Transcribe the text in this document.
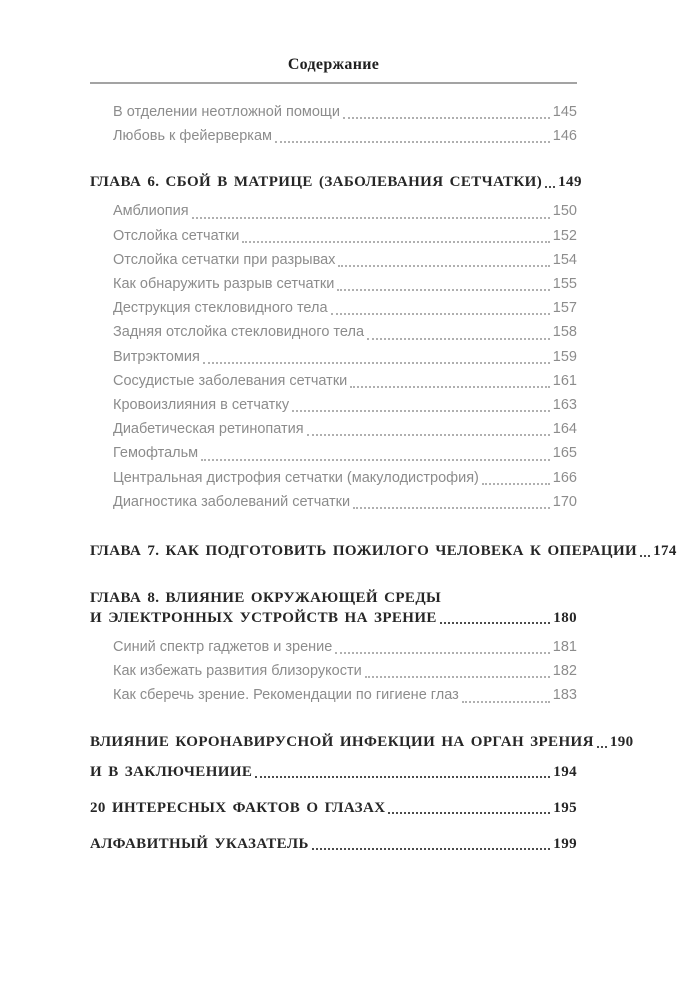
Содержание
В отделении неотложной помощи	145
Любовь к фейерверкам	146
ГЛАВА 6. СБОЙ В МАТРИЦЕ (ЗАБОЛЕВАНИЯ СЕТЧАТКИ) 149
Амблиопия	150
Отслойка сетчатки	152
Отслойка сетчатки при разрывах	154
Как обнаружить разрыв сетчатки	155
Деструкция стекловидного тела	157
Задняя отслойка стекловидного тела	158
Витрэктомия	159
Сосудистые заболевания сетчатки	161
Кровоизлияния в сетчатку	163
Диабетическая ретинопатия	164
Гемофтальм	165
Центральная дистрофия сетчатки (макулодистрофия)	166
Диагностика заболеваний сетчатки	170
ГЛАВА 7. КАК ПОДГОТОВИТЬ ПОЖИЛОГО ЧЕЛОВЕКА К ОПЕРАЦИИ 174
ГЛАВА 8. ВЛИЯНИЕ ОКРУЖАЮЩЕЙ СРЕДЫ
И ЭЛЕКТРОННЫХ УСТРОЙСТВ НА ЗРЕНИЕ	180
Синий спектр гаджетов и зрение	181
Как избежать развития близорукости	182
Как сберечь зрение. Рекомендации по гигиене глаз	183
ВЛИЯНИЕ КОРОНАВИРУСНОЙ ИНФЕКЦИИ НА ОРГАН ЗРЕНИЯ 190
И В ЗАКЛЮЧЕНИИЕ	194
20 ИНТЕРЕСНЫХ ФАКТОВ О ГЛАЗАХ	195
АЛФАВИТНЫЙ УКАЗАТЕЛЬ	199
